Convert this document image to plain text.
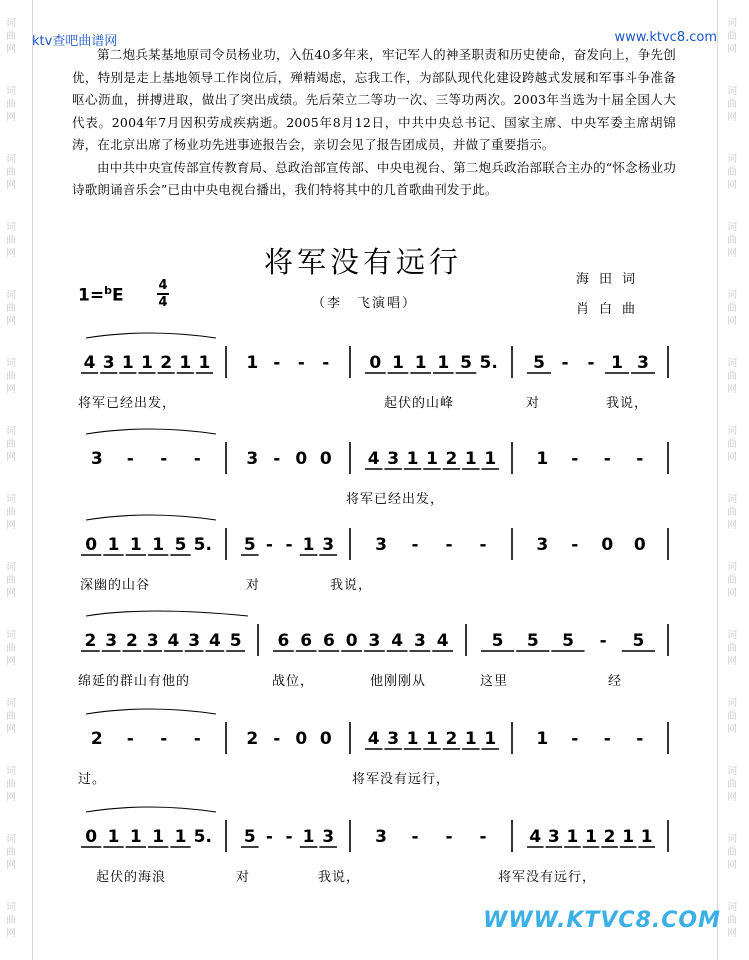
词
曲
网
词
曲
网
词
曲
网
词
曲
网
词
曲
网
词
曲
网
词
曲
网
词
曲
网
词
曲
网
词
曲
网
词
曲
网
词
曲
网
词
曲
网
词
曲
网
词
曲
网
词
曲
网
词
曲
网
词
曲
网
词
曲
网
词
曲
网
词
曲
网
词
曲
网
词
曲
网
词
曲
网
词
曲
网
词
曲
网
词
曲
网
词
曲
网
ktv查吧曲谱网	www.ktvc8.com

第二炮兵某基地原司令员杨业功，入伍40多年来，牢记军人的神圣职责和历史使命，奋发向上，争先创优，特别是走上基地领导工作岗位后，殚精竭虑，忘我工作，为部队现代化建设跨越式发展和军事斗争准备呕心沥血，拼搏进取，做出了突出成绩。先后荣立二等功一次、三等功两次。2003年当选为十届全国人大代表。2004年7月因积劳成疾病逝。2005年8月12日，中共中央总书记、国家主席、中央军委主席胡锦涛，在北京出席了杨业功先进事迹报告会，亲切会见了报告团成员，并做了重要指示。

由中共中央宣传部宣传教育局、总政治部宣传部、中央电视台、第二炮兵政治部联合主办的“怀念杨业功诗歌朗诵音乐会”已由中央电视台播出，我们特将其中的几首歌曲刊发于此。

将军没有远行
（李　飞演唱）
海田词
肖白曲
1=$^b$E
4
4
4 3 1 1 2 1 1 1 - - - 0 1 1 1 5 5. 5 - - 1 3
3 - - -	3 - 0 0 4 3 1 1 2 1 1 1 - - -
0 1 1 1 5 5. 5 - - 1 3 3 - - -	3 - 0 0
2 3 2 3 4 3 4 5 6 6 6 0 3 4 3 4	5 5 5 - 5
2 - - -	2 - 0 0 4 3 1 1 2 1 1 1 - - -
0 1 1 1 1 5. 5 - - 1 3 3 - - -	4 3 1 1 2 1 1
将军已经出发，	起伏的山峰	对	我说，
将军已经出发，
深幽的山谷	对	我说，
绵延的群山有他的	战位，	他刚刚从	这里	经
过。	将军没有远行，
起伏的海浪	对	我说，	将军没有远行，
WWW.KTVC8.COM
